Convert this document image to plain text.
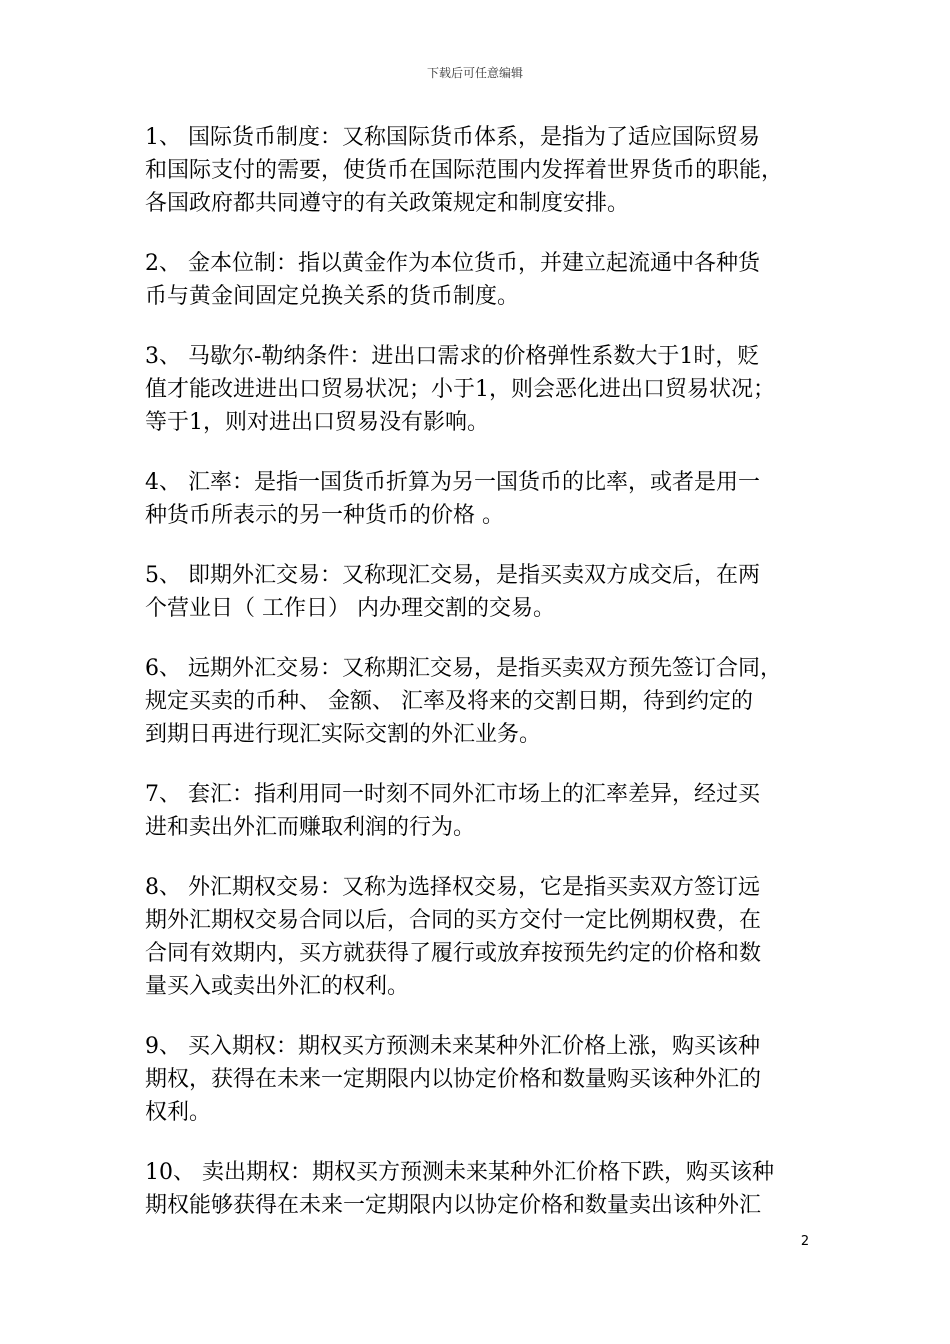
下载后可任意编辑
1、 国际货币制度：又称国际货币体系，是指为了适应国际贸易
和国际支付的需要，使货币在国际范围内发挥着世界货币的职能，
各国政府都共同遵守的有关政策规定和制度安排。
2、 金本位制：指以黄金作为本位货币，并建立起流通中各种货
币与黄金间固定兑换关系的货币制度。
3、 马歇尔-勒纳条件：进出口需求的价格弹性系数大于1时，贬
值才能改进进出口贸易状况；小于1，则会恶化进出口贸易状况；
等于1，则对进出口贸易没有影响。
4、 汇率：是指一国货币折算为另一国货币的比率，或者是用一
种货币所表示的另一种货币的价格 。
5、 即期外汇交易：又称现汇交易，是指买卖双方成交后，在两
个营业日（ 工作日） 内办理交割的交易。
6、 远期外汇交易：又称期汇交易，是指买卖双方预先签订合同，
规定买卖的币种、 金额、 汇率及将来的交割日期，待到约定的
到期日再进行现汇实际交割的外汇业务。
7、 套汇：指利用同一时刻不同外汇市场上的汇率差异，经过买
进和卖出外汇而赚取利润的行为。
8、 外汇期权交易：又称为选择权交易，它是指买卖双方签订远
期外汇期权交易合同以后，合同的买方交付一定比例期权费，在
合同有效期内，买方就获得了履行或放弃按预先约定的价格和数
量买入或卖出外汇的权利。
9、 买入期权：期权买方预测未来某种外汇价格上涨，购买该种
期权，获得在未来一定期限内以协定价格和数量购买该种外汇的
权利。
10、 卖出期权：期权买方预测未来某种外汇价格下跌，购买该种
期权能够获得在未来一定期限内以协定价格和数量卖出该种外汇
2
